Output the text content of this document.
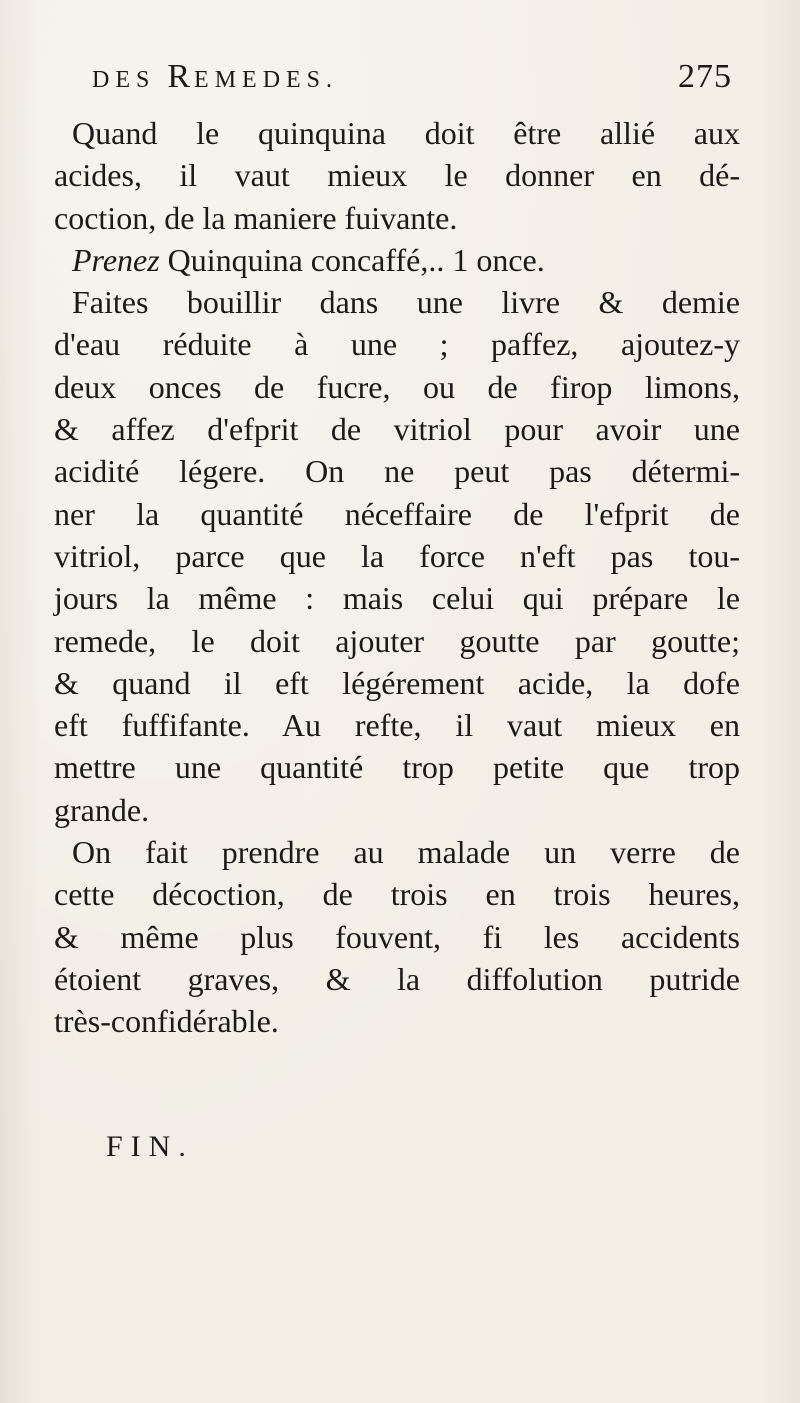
DES REMEDES.	275
Quand le quinquina doit être allié aux
acides, il vaut mieux le donner en dé-
coction, de la maniere fuivante.
Prenez Quinquina concaffé,.. 1 once.
Faites bouillir dans une livre & demie
d'eau réduite à une ; paffez, ajoutez-y
deux onces de fucre, ou de firop limons,
& affez d'efprit de vitriol pour avoir une
acidité légere. On ne peut pas détermi-
ner la quantité néceffaire de l'efprit de
vitriol, parce que la force n'eft pas tou-
jours la même : mais celui qui prépare le
remede, le doit ajouter goutte par goutte;
& quand il eft légérement acide, la dofe
eft fuffifante. Au refte, il vaut mieux en
mettre une quantité trop petite que trop
grande.
On fait prendre au malade un verre de
cette décoction, de trois en trois heures,
& même plus fouvent, fi les accidents
étoient graves, & la diffolution putride
très-confidérable.
FIN.
